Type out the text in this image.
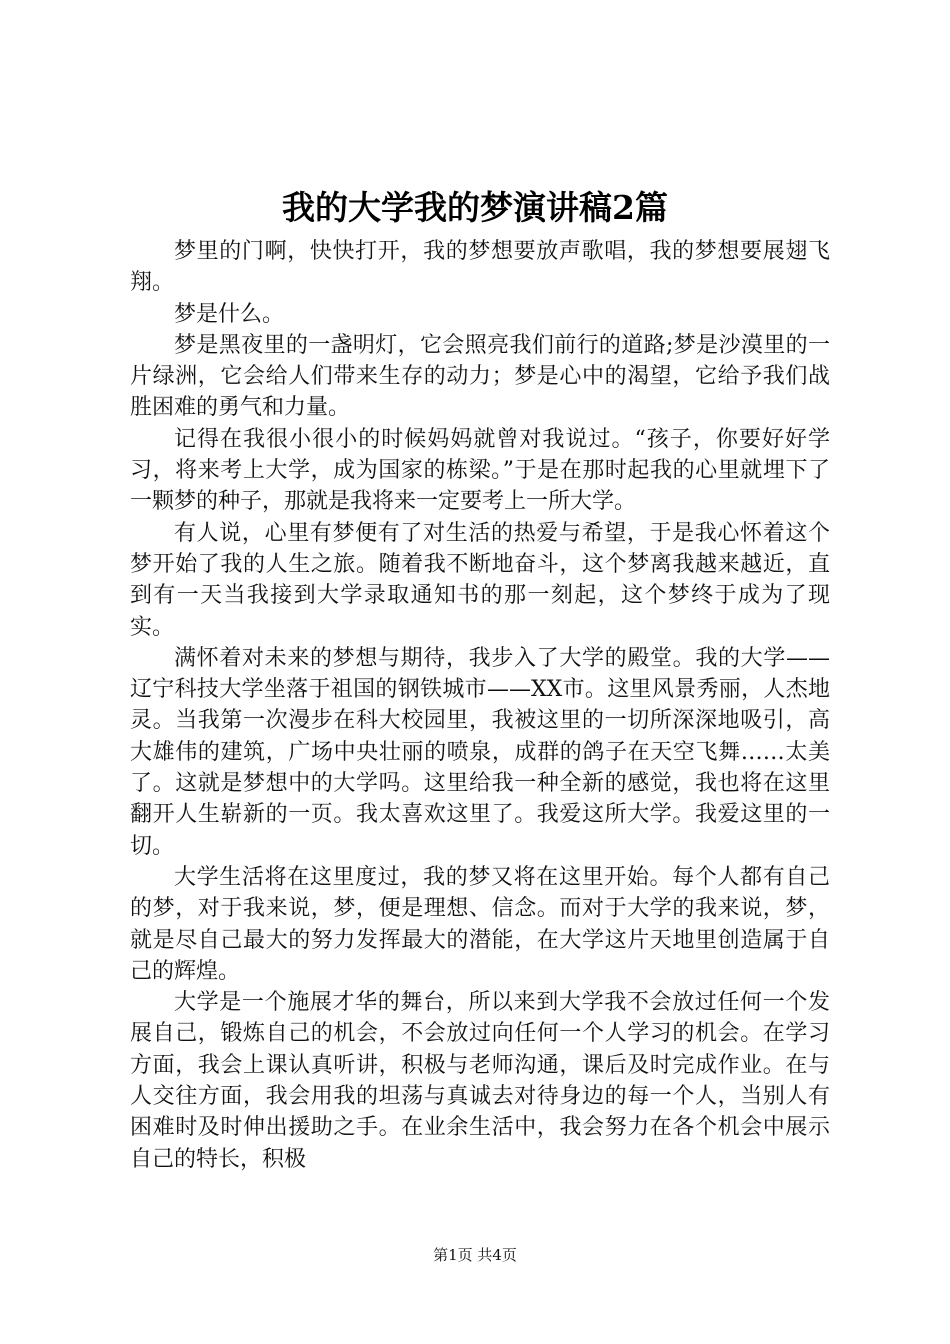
我的大学我的梦演讲稿2篇

梦里的门啊，快快打开，我的梦想要放声歌唱，我的梦想要展翅飞翔。

梦是什么。

梦是黑夜里的一盏明灯，它会照亮我们前行的道路;梦是沙漠里的一片绿洲，它会给人们带来生存的动力；梦是心中的渴望，它给予我们战胜困难的勇气和力量。

记得在我很小很小的时候妈妈就曾对我说过。“孩子，你要好好学习，将来考上大学，成为国家的栋梁。”于是在那时起我的心里就埋下了一颗梦的种子，那就是我将来一定要考上一所大学。

有人说，心里有梦便有了对生活的热爱与希望，于是我心怀着这个梦开始了我的人生之旅。随着我不断地奋斗，这个梦离我越来越近，直到有一天当我接到大学录取通知书的那一刻起，这个梦终于成为了现实。

满怀着对未来的梦想与期待，我步入了大学的殿堂。我的大学——辽宁科技大学坐落于祖国的钢铁城市——XX市。这里风景秀丽，人杰地灵。当我第一次漫步在科大校园里，我被这里的一切所深深地吸引，高大雄伟的建筑，广场中央壮丽的喷泉，成群的鸽子在天空飞舞……太美了。这就是梦想中的大学吗。这里给我一种全新的感觉，我也将在这里翻开人生崭新的一页。我太喜欢这里了。我爱这所大学。我爱这里的一切。

大学生活将在这里度过，我的梦又将在这里开始。每个人都有自己的梦，对于我来说，梦，便是理想、信念。而对于大学的我来说，梦，就是尽自己最大的努力发挥最大的潜能，在大学这片天地里创造属于自己的辉煌。

大学是一个施展才华的舞台，所以来到大学我不会放过任何一个发展自己，锻炼自己的机会，不会放过向任何一个人学习的机会。在学习方面，我会上课认真听讲，积极与老师沟通，课后及时完成作业。在与人交往方面，我会用我的坦荡与真诚去对待身边的每一个人，当别人有困难时及时伸出援助之手。在业余生活中，我会努力在各个机会中展示自己的特长，积极

第1页 共4页
